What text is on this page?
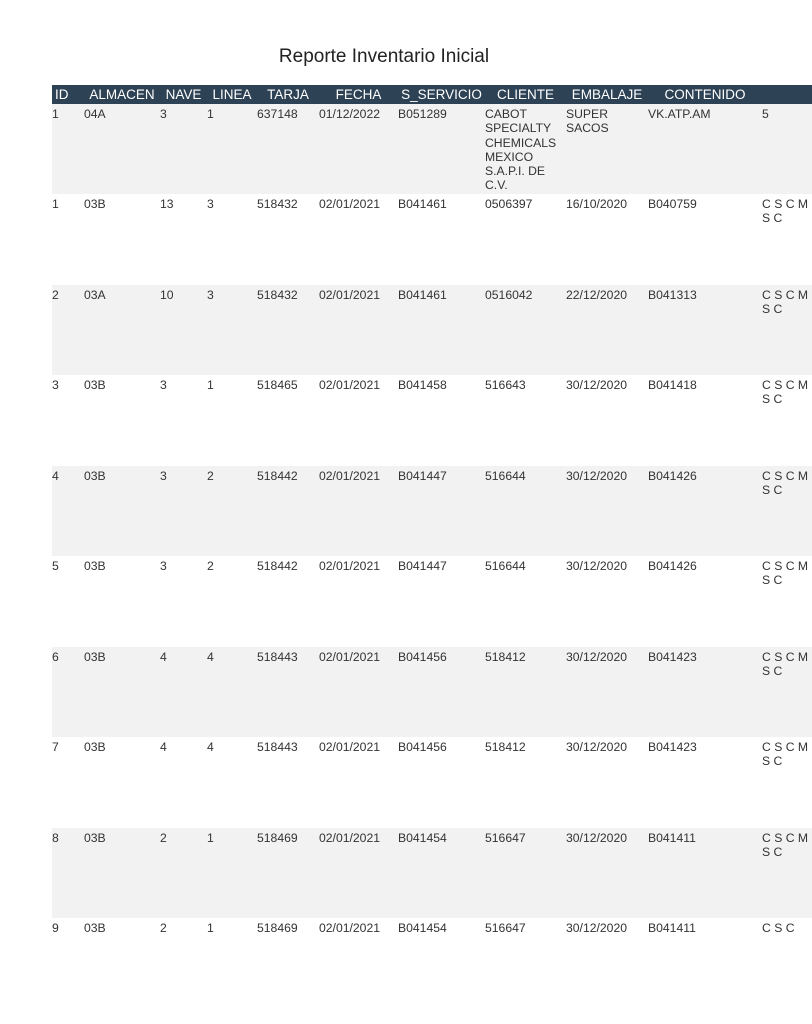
Reporte Inventario Inicial
ID	ALMACEN	NAVE	LINEA	TARJA	FECHA	S_SERVICIO	CLIENTE	EMBALAJE	CONTENIDO	
1	04A	3	1	637148	01/12/2022	B051289	CABOT SPECIALTY CHEMICALS MEXICO S.A.P.I. DE C.V.	SUPER SACOS	VK.ATP.AM	5
1	03B	13	3	518432	02/01/2021	B041461	0506397	16/10/2020	B040759	C S C M S C
2	03A	10	3	518432	02/01/2021	B041461	0516042	22/12/2020	B041313	C S C M S C
3	03B	3	1	518465	02/01/2021	B041458	516643	30/12/2020	B041418	C S C M S C
4	03B	3	2	518442	02/01/2021	B041447	516644	30/12/2020	B041426	C S C M S C
5	03B	3	2	518442	02/01/2021	B041447	516644	30/12/2020	B041426	C S C M S C
6	03B	4	4	518443	02/01/2021	B041456	518412	30/12/2020	B041423	C S C M S C
7	03B	4	4	518443	02/01/2021	B041456	518412	30/12/2020	B041423	C S C M S C
8	03B	2	1	518469	02/01/2021	B041454	516647	30/12/2020	B041411	C S C M S C
9	03B	2	1	518469	02/01/2021	B041454	516647	30/12/2020	B041411	C S C
